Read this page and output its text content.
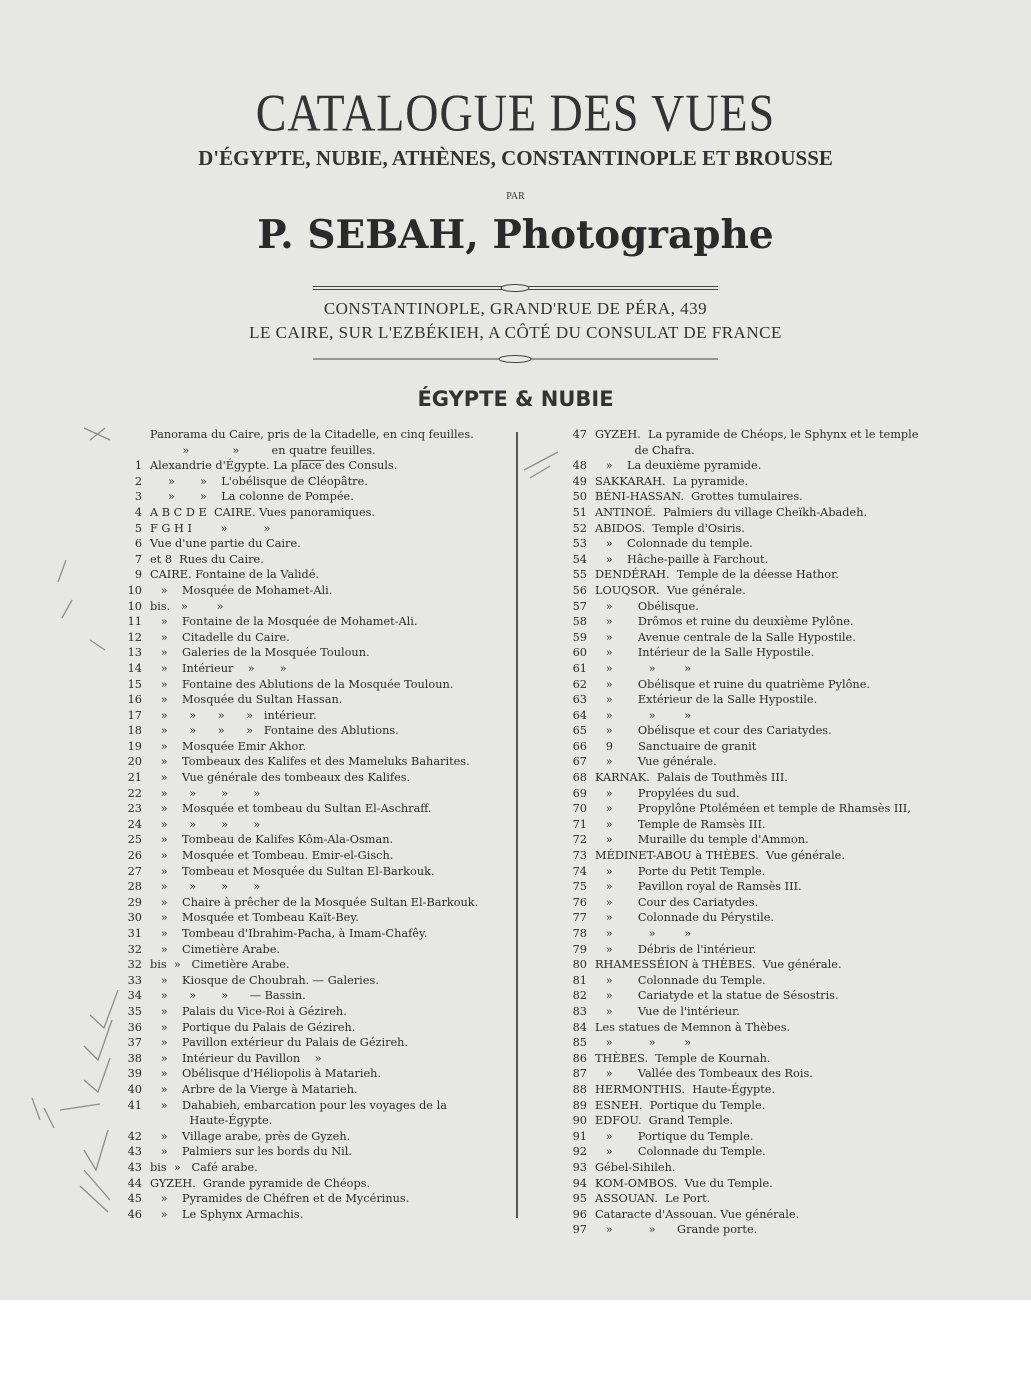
CATALOGUE DES VUES
D'ÉGYPTE, NUBIE, ATHÈNES, CONSTANTINOPLE ET BROUSSE
PAR
P. SEBAH, Photographe
CONSTANTINOPLE, GRAND'RUE DE PÉRA, 439
LE CAIRE, SUR L'EZBÉKIEH, A CÔTÉ DU CONSULAT DE FRANCE
ÉGYPTE & NUBIE
Panorama du Caire, pris de la Citadelle, en cinq feuilles.
»            »         en quatre feuilles.
1 Alexandrie d'Égypte. La place des Consuls.
2 »       »    L'obélisque de Cléopâtre.
3 »       »    La colonne de Pompée.
4 A B C D E  CAIRE. Vues panoramiques.
5 F G H I        »          »
6 Vue d'une partie du Caire.
7 et 8  Rues du Caire.
9 CAIRE. Fontaine de la Validé.
10 »    Mosquée de Mohamet-Ali.
10 bis.   »        »
11 »    Fontaine de la Mosquée de Mohamet-Ali.
12 »    Citadelle du Caire.
13 »    Galeries de la Mosquée Touloun.
14 »    Intérieur    »       »
15 »    Fontaine des Ablutions de la Mosquée Touloun.
16 »    Mosquée du Sultan Hassan.
17 »      »      »      »   intérieur.
18 »      »      »      »   Fontaine des Ablutions.
19 »    Mosquée Emir Akhor.
20 »    Tombeaux des Kalifes et des Mameluks Baharites.
21 »    Vue générale des tombeaux des Kalifes.
22 »      »       »       »
23 »    Mosquée et tombeau du Sultan El-Aschraff.
24 »      »       »       »
25 »    Tombeau de Kalifes Kôm-Ala-Osman.
26 »    Mosquée et Tombeau. Emir-el-Gisch.
27 »    Tombeau et Mosquée du Sultan El-Barkouk.
28 »      »       »       »
29 »    Chaire à prêcher de la Mosquée Sultan El-Barkouk.
30 »    Mosquée et Tombeau Kaït-Bey.
31 »    Tombeau d'Ibrahim-Pacha, à Imam-Chafêy.
32 »    Cimetière Arabe.
32 bis  »   Cimetière Arabe.
33 »    Kiosque de Choubrah. — Galeries.
34 »      »       »      — Bassin.
35 »    Palais du Vice-Roi à Gézireh.
36 »    Portique du Palais de Gézireh.
37 »    Pavillon extérieur du Palais de Gézireh.
38 »    Intérieur du Pavillon    »
39 »    Obélisque d'Héliopolis à Matarieh.
40 »    Arbre de la Vierge à Matarieh.
41 »    Dahabieh, embarcation pour les voyages de la
Haute-Égypte.
42 »    Village arabe, près de Gyzeh.
43 »    Palmiers sur les bords du Nil.
43 bis  »   Café arabe.
44 GYZEH.  Grande pyramide de Chéops.
45 »    Pyramides de Chéfren et de Mycérinus.
46 »    Le Sphynx Armachis.
47 GYZEH.  La pyramide de Chéops, le Sphynx et le temple
de Chafra.
48 »    La deuxième pyramide.
49 SAKKARAH.  La pyramide.
50 BÉNI-HASSAN.  Grottes tumulaires.
51 ANTINOÉ.  Palmiers du village Cheïkh-Abadeh.
52 ABIDOS.  Temple d'Osiris.
53 »    Colonnade du temple.
54 »    Hâche-paille à Farchout.
55 DENDÉRAH.  Temple de la déesse Hathor.
56 LOUQSOR.  Vue générale.
57 »       Obélisque.
58 »       Drômos et ruine du deuxième Pylône.
59 »       Avenue centrale de la Salle Hypostile.
60 »       Intérieur de la Salle Hypostile.
61 »          »        »
62 »       Obélisque et ruine du quatrième Pylône.
63 »       Extérieur de la Salle Hypostile.
64 »          »        »
65 »       Obélisque et cour des Cariatydes.
66 9       Sanctuaire de granit
67 »       Vue générale.
68 KARNAK.  Palais de Touthmès III.
69 »       Propylées du sud.
70 »       Propylône Ptoléméen et temple de Rhamsès III,
71 »       Temple de Ramsès III.
72 »       Muraille du temple d'Ammon.
73 MÉDINET-ABOU à THÈBES.  Vue générale.
74 »       Porte du Petit Temple.
75 »       Pavillon royal de Ramsès III.
76 »       Cour des Cariatydes.
77 »       Colonnade du Pérystile.
78 »          »        »
79 »       Débris de l'intérieur.
80 RHAMESSÉION à THÈBES.  Vue générale.
81 »       Colonnade du Temple.
82 »       Cariatyde et la statue de Sésostris.
83 »       Vue de l'intérieur.
84 Les statues de Memnon à Thèbes.
85 »          »        »
86 THÈBES.  Temple de Kournah.
87 »       Vallée des Tombeaux des Rois.
88 HERMONTHIS.  Haute-Égypte.
89 ESNEH.  Portique du Temple.
90 EDFOU.  Grand Temple.
91 »       Portique du Temple.
92 »       Colonnade du Temple.
93 Gébel-Sihileh.
94 KOM-OMBOS.  Vue du Temple.
95 ASSOUAN.  Le Port.
96 Cataracte d'Assouan. Vue générale.
97 »          »      Grande porte.
